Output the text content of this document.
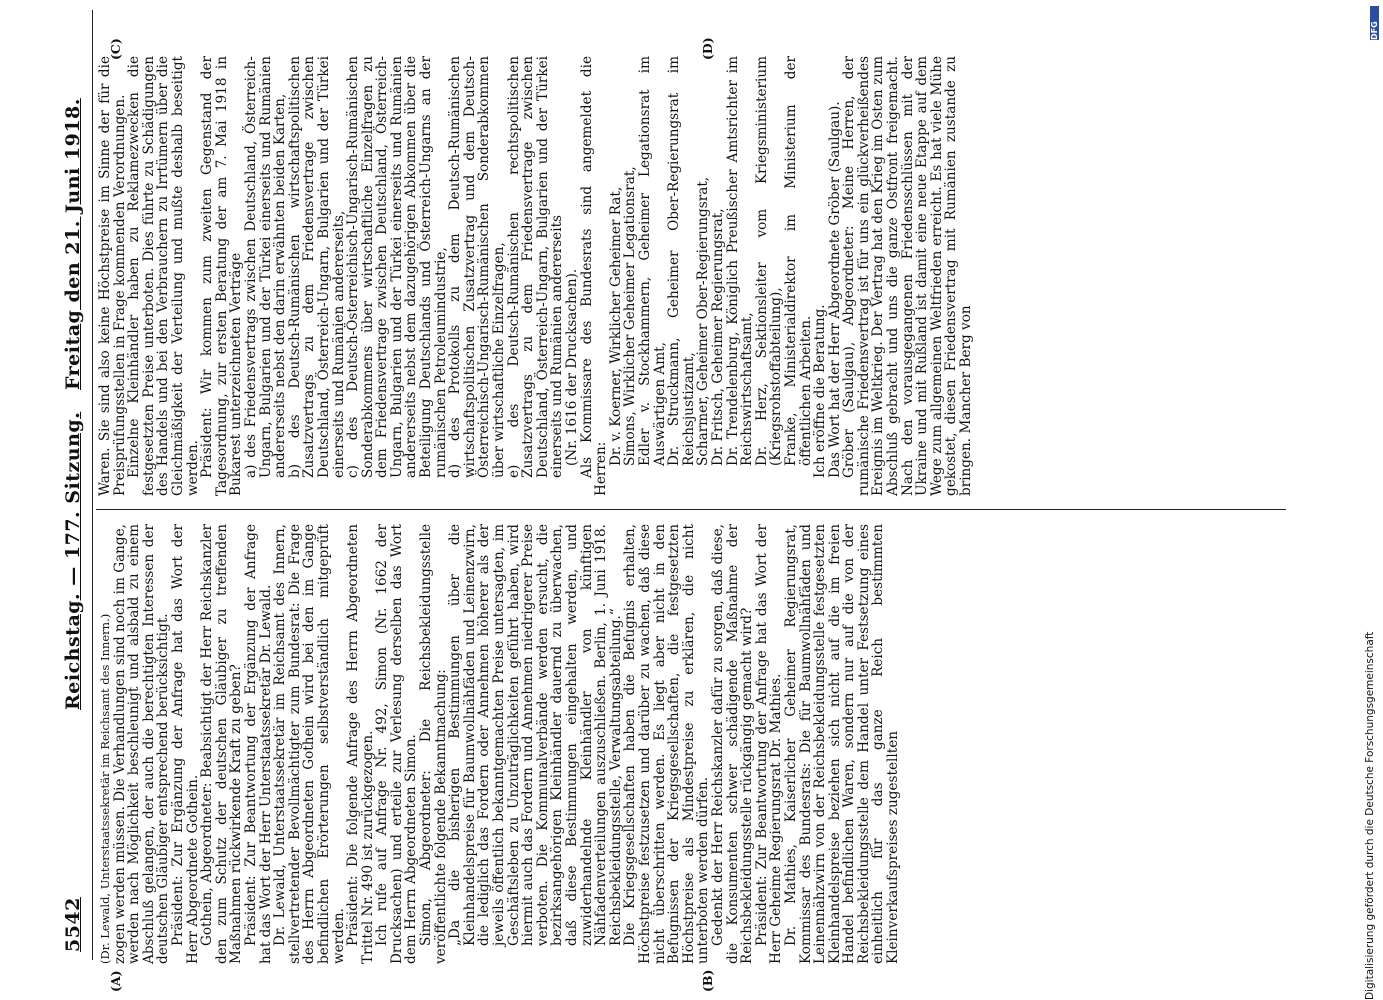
5542
Reichstag. — 177. Sitzung.
Freitag den 21. Juni 1918.
(A)	(B)
(C)	(D)

(Dr. Lewald, Unterstaatssekretär im Reichsamt des Innern.) zogen werden müssen. Die Verhandlungen sind noch im Gange, werden nach Möglichkeit beschleunigt und alsbald zu einem Abschluß gelangen, der auch die berechtigten Interessen der deutschen Gläubiger entsprechend berücksichtigt.

Präsident: Zur Ergänzung der Anfrage hat das Wort der Herr Abgeordnete Gothein.

Gothein, Abgeordneter: Beabsichtigt der Herr Reichskanzler den zum Schutz der deutschen Gläubiger zu treffenden Maßnahmen rückwirkende Kraft zu geben?

Präsident: Zur Beantwortung der Ergänzung der Anfrage hat das Wort der Herr Unterstaatssekretär Dr. Lewald.

Dr. Lewald, Unterstaatssekretär im Reichsamt des Innern, stellvertretender Bevollmächtigter zum Bundesrat: Die Frage des Herrn Abgeordneten Gothein wird bei den im Gange befindlichen Erörterungen selbstverständlich mitgeprüft werden.

Präsident: Die folgende Anfrage des Herrn Abgeordneten Trittel Nr. 490 ist zurückgezogen.

Ich rufe auf Anfrage Nr. 492, Simon (Nr. 1662 der Drucksachen) und erteile zur Verlesung derselben das Wort dem Herrn Abgeordneten Simon.

Simon, Abgeordneter: Die Reichsbekleidungsstelle veröffentlichte folgende Bekanntmachung:

„Da die bisherigen Bestimmungen über die Kleinhandelspreise für Baumwollnähfäden und Leinenzwirn, die lediglich das Fordern oder Annehmen höherer als der jeweils öffentlich bekanntgemachten Preise untersagten, im Geschäftsleben zu Unzuträglichkeiten geführt haben, wird hiermit auch das Fordern und Annehmen niedrigerer Preise verboten. Die Kommunalverbände werden ersucht, die bezirksangehörigen Kleinhändler dauernd zu überwachen, daß diese Bestimmungen eingehalten werden, und zuwiderhandelnde Kleinhändler von künftigen Nähfadenverteilungen auszuschließen. Berlin, 1. Juni 1918. Reichsbekleidungsstelle, Verwaltungsabteilung.“

Die Kriegsgesellschaften haben die Befugnis erhalten, Höchstpreise festzusetzen und darüber zu wachen, daß diese nicht überschritten werden. Es liegt aber nicht in den Befugnissen der Kriegsgesellschaften, die festgesetzten Höchstpreise als Mindestpreise zu erklären, die nicht unterboten werden dürfen.

Gedenkt der Herr Reichskanzler dafür zu sorgen, daß diese, die Konsumenten schwer schädigende Maßnahme der Reichsbekleidungsstelle rückgängig gemacht wird?

Präsident: Zur Beantwortung der Anfrage hat das Wort der Herr Geheime Regierungsrat Dr. Mathies.

Dr. Mathies, Kaiserlicher Geheimer Regierungsrat, Kommissar des Bundesrats: Die für Baumwollnähfäden und Leinennähzwirn von der Reichsbekleidungsstelle festgesetzten Kleinhandelspreise beziehen sich nicht auf die im freien Handel befindlichen Waren, sondern nur auf die von der Reichsbekleidungsstelle dem Handel unter Festsetzung eines einheitlich für das ganze Reich bestimmten Kleinverkaufspreises zugestellten

Waren. Sie sind also keine Höchstpreise im Sinne der für die Preisprüfungsstellen in Frage kommenden Verordnungen.

Einzelne Kleinhändler haben zu Reklamezwecken die festgesetzten Preise unterboten. Dies führte zu Schädigungen des Handels und bei den Verbrauchern zu Irrtümern über die Gleichmäßigkeit der Verteilung und mußte deshalb beseitigt werden.

Präsident: Wir kommen zum zweiten Gegenstand der Tagesordnung, zur ersten Beratung der am 7. Mai 1918 in Bukarest unterzeichneten Verträge

a) des Friedensvertrags zwischen Deutschland, Österreich-Ungarn, Bulgarien und der Türkei einerseits und Rumänien andererseits nebst den darin erwähnten beiden Karten,

b) des Deutsch-Rumänischen wirtschaftspolitischen Zusatzvertrags zu dem Friedensvertrage zwischen Deutschland, Österreich-Ungarn, Bulgarien und der Türkei einerseits und Rumänien andererseits,

c) des Deutsch-Österreichisch-Ungarisch-Rumänischen Sonderabkommens über wirtschaftliche Einzelfragen zu dem Friedensvertrage zwischen Deutschland, Österreich-Ungarn, Bulgarien und der Türkei einerseits und Rumänien andererseits nebst dem dazugehörigen Abkommen über die Beteiligung Deutschlands und Österreich-Ungarns an der rumänischen Petroleumindustrie,

d) des Protokolls zu dem Deutsch-Rumänischen wirtschaftspolitischen Zusatzvertrag und dem Deutsch-Österreichisch-Ungarisch-Rumänischen Sonderabkommen über wirtschaftliche Einzelfragen,

e) des Deutsch-Rumänischen rechtspolitischen Zusatzvertrags zu dem Friedensvertrage zwischen Deutschland, Österreich-Ungarn, Bulgarien und der Türkei einerseits und Rumänien andererseits

(Nr. 1616 der Drucksachen).

Als Kommissare des Bundesrats sind angemeldet die Herren:

Dr. v. Koerner, Wirklicher Geheimer Rat,

Simons, Wirklicher Geheimer Legationsrat,

Edler v. Stockhammern, Geheimer Legationsrat im Auswärtigen Amt,

Dr. Struckmann, Geheimer Ober-Regierungsrat im Reichsjustizamt,

Scharmer, Geheimer Ober-Regierungsrat,

Dr. Fritsch, Geheimer Regierungsrat,

Dr. Trendelenburg, Königlich Preußischer Amtsrichter im Reichswirtschaftsamt,

Dr. Herz, Sektionsleiter vom Kriegsministerium (Kriegsrohstoffabteilung),

Franke, Ministerialdirektor im Ministerium der öffentlichen Arbeiten.

Ich eröffne die Beratung.

Das Wort hat der Herr Abgeordnete Gröber (Saulgau).

Gröber (Saulgau), Abgeordneter: Meine Herren, der rumänische Friedensvertrag ist für uns ein glückverheißendes Ereignis im Weltkrieg. Der Vertrag hat den Krieg im Osten zum Abschluß gebracht und uns die ganze Ostfront freigemacht. Nach den vorausgegangenen Friedensschlüssen mit der Ukraine und mit Rußland ist damit eine neue Etappe auf dem Wege zum allgemeinen Weltfrieden erreicht. Es hat viele Mühe gekostet, diesen Friedensvertrag mit Rumänien zustande zu bringen. Mancher Berg von

DFG
Digitalisierung gefördert durch die Deutsche Forschungsgemeinschaft
